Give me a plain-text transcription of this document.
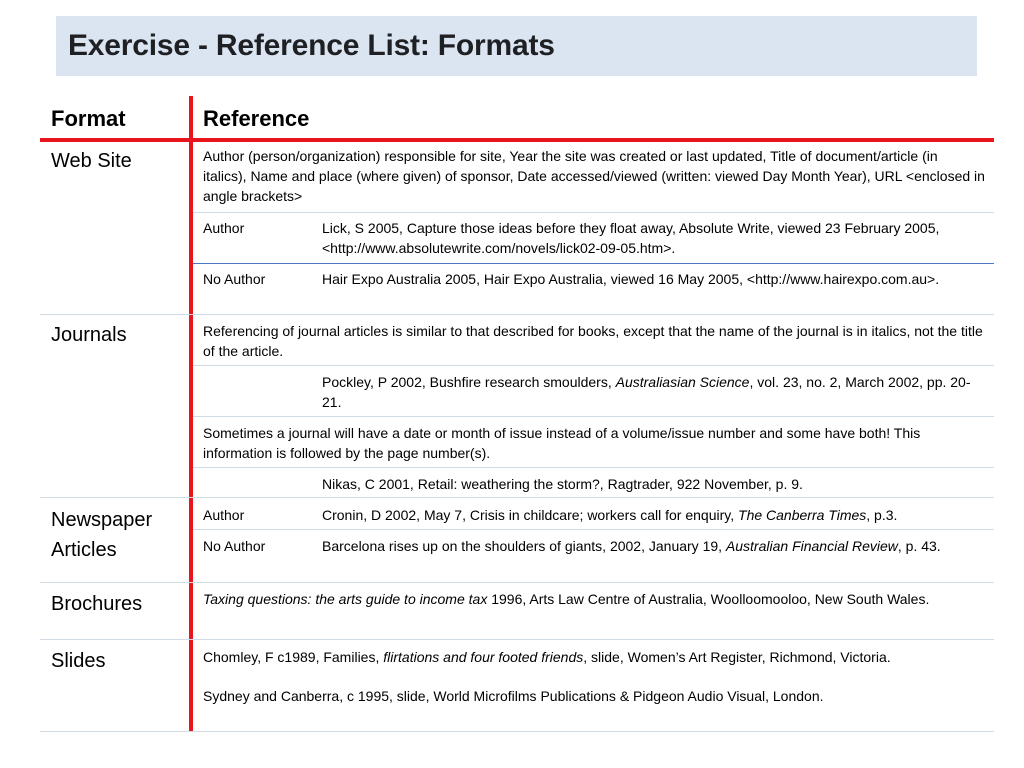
Exercise - Reference List: Formats
Format	Reference
Web Site	Author (person/organization) responsible for site, Year the site was created or last updated, Title of document/article (in italics), Name and place (where given) of sponsor, Date accessed/viewed (written: viewed Day Month Year), URL <enclosed in angle brackets>
Author	Lick, S 2005, Capture those ideas before they float away, Absolute Write, viewed 23 February 2005, <http://www.absolutewrite.com/novels/lick02-09-05.htm>.
No Author	Hair Expo Australia 2005, Hair Expo Australia, viewed 16 May 2005, <http://www.hairexpo.com.au>.
Journals	Referencing of journal articles is similar to that described for books, except that the name of the journal is in italics, not the title of the article.
Pockley, P 2002, Bushfire research smoulders, Australiasian Science, vol. 23, no. 2, March 2002, pp. 20-21.
Sometimes a journal will have a date or month of issue instead of a volume/issue number and some have both! This information is followed by the page number(s).
Nikas, C 2001, Retail: weathering the storm?, Ragtrader, 922 November, p. 9.
Newspaper
Articles
Author	Cronin, D 2002, May 7, Crisis in childcare; workers call for enquiry, The Canberra Times, p.3.
No Author	Barcelona rises up on the shoulders of giants, 2002, January 19, Australian Financial Review, p. 43.
Brochures	Taxing questions: the arts guide to income tax 1996, Arts Law Centre of Australia, Woolloomooloo, New South Wales.
Slides	Chomley, F c1989, Families, flirtations and four footed friends, slide, Women’s Art Register, Richmond, Victoria.
Sydney and Canberra, c 1995, slide, World Microfilms Publications & Pidgeon Audio Visual, London.
